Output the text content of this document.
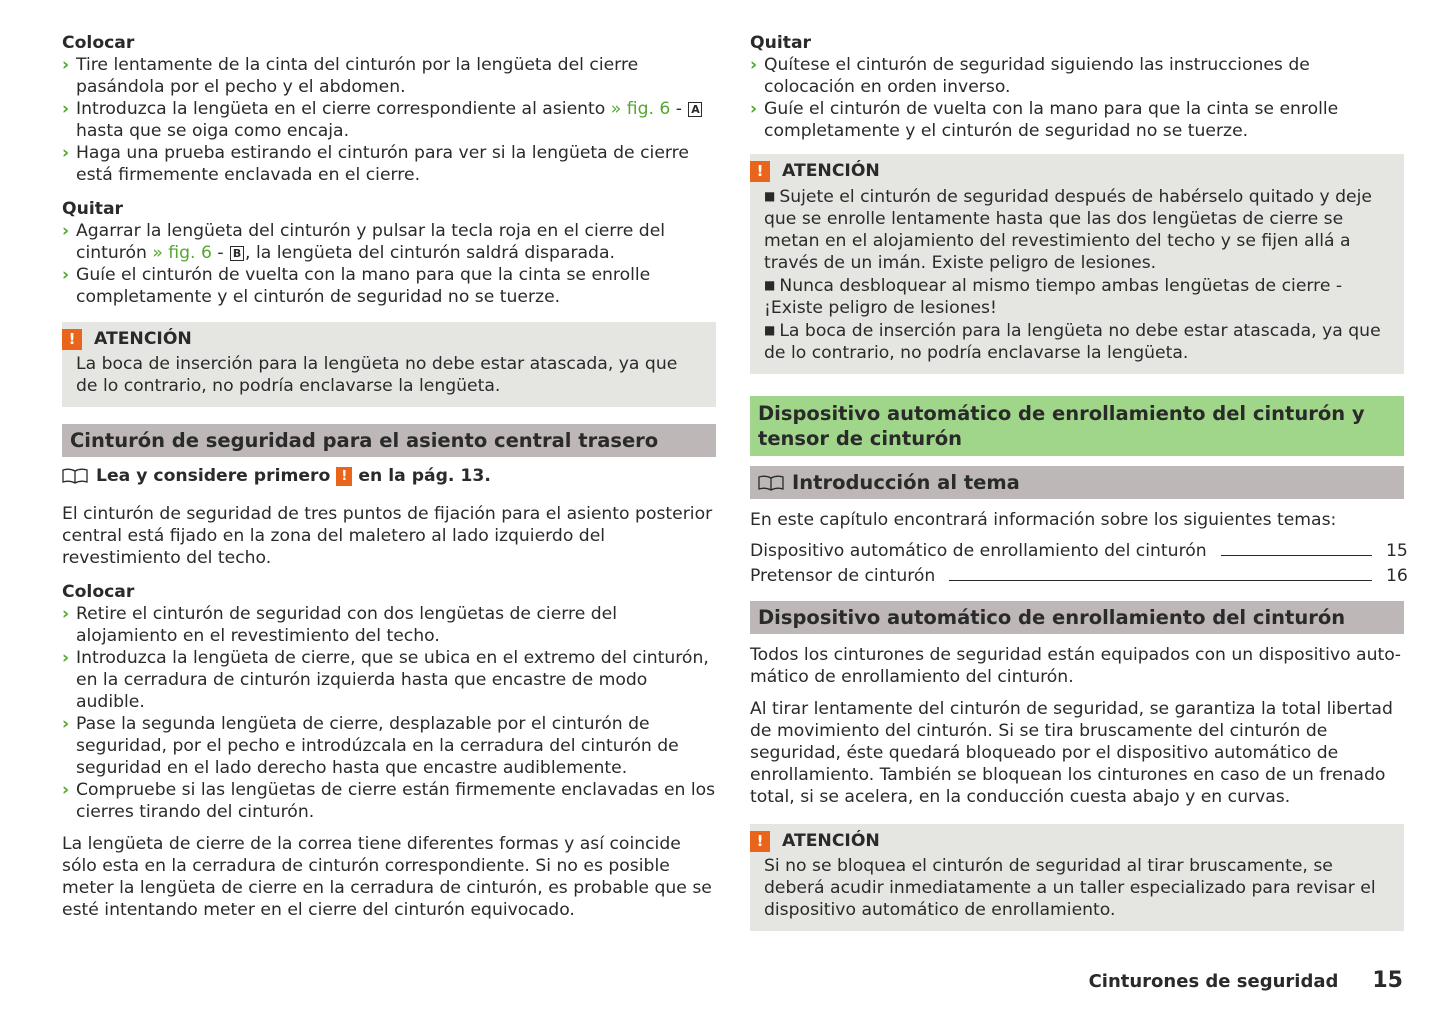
Colocar

› Tire lentamente de la cinta del cinturón por la lengüeta del cierre pasándola por el pecho y el abdomen.

› Introduzca la lengüeta en el cierre correspondiente al asiento » fig. 6 - A
hasta que se oiga como encaja.

› Haga una prueba estirando el cinturón para ver si la lengüeta de cierre está firmemente enclavada en el cierre.

Quitar

› Agarrar la lengüeta del cinturón y pulsar la tecla roja en el cierre del cinturón » fig. 6 - B , la lengüeta del cinturón saldrá disparada.

› Guíe el cinturón de vuelta con la mano para que la cinta se enrolle completamente y el cinturón de seguridad no se tuerze.

!	ATENCIÓN

La boca de inserción para la lengüeta no debe estar atascada, ya que de lo contrario, no podría enclavarse la lengüeta.

Cinturón de seguridad para el asiento central trasero
Lea y considere primero ! en la pág. 13.

El cinturón de seguridad de tres puntos de fijación para el asiento posterior central está fijado en la zona del maletero al lado izquierdo del revestimiento del techo.

Colocar

› Retire el cinturón de seguridad con dos lengüetas de cierre del alojamiento en el revestimiento del techo.

› Introduzca la lengüeta de cierre, que se ubica en el extremo del cinturón, en la cerradura de cinturón izquierda hasta que encastre de modo audible.

› Pase la segunda lengüeta de cierre, desplazable por el cinturón de seguridad, por el pecho e introdúzcala en la cerradura del cinturón de seguridad en el lado derecho hasta que encastre audiblemente.

› Compruebe si las lengüetas de cierre están firmemente enclavadas en los cierres tirando del cinturón.

La lengüeta de cierre de la correa tiene diferentes formas y así coincide sólo esta en la cerradura de cinturón correspondiente. Si no es posible meter la lengüeta de cierre en la cerradura de cinturón, es probable que se esté intentando meter en el cierre del cinturón equivocado.

Quitar

› Quítese el cinturón de seguridad siguiendo las instrucciones de colocación en orden inverso.

› Guíe el cinturón de vuelta con la mano para que la cinta se enrolle completamente y el cinturón de seguridad no se tuerze.

!	ATENCIÓN

■ Sujete el cinturón de seguridad después de habérselo quitado y deje que se enrolle lentamente hasta que las dos lengüetas de cierre se metan en el alojamiento del revestimiento del techo y se fijen allá a través de un imán. Existe peligro de lesiones.

■ Nunca desbloquear al mismo tiempo ambas lengüetas de cierre - ¡Existe peligro de lesiones!

■ La boca de inserción para la lengüeta no debe estar atascada, ya que de lo contrario, no podría enclavarse la lengüeta.

Dispositivo automático de enrollamiento del cinturón y tensor de cinturón
Introducción al tema

En este capítulo encontrará información sobre los siguientes temas:

Dispositivo automático de enrollamiento del cinturón	15
Pretensor de cinturón	16
Dispositivo automático de enrollamiento del cinturón

Todos los cinturones de seguridad están equipados con un dispositivo automático de enrollamiento del cinturón.

Al tirar lentamente del cinturón de seguridad, se garantiza la total libertad de movimiento del cinturón. Si se tira bruscamente del cinturón de seguridad, éste quedará bloqueado por el dispositivo automático de enrollamiento. También se bloquean los cinturones en caso de un frenado total, si se acelera, en la conducción cuesta abajo y en curvas.

!	ATENCIÓN

Si no se bloquea el cinturón de seguridad al tirar bruscamente, se deberá acudir inmediatamente a un taller especializado para revisar el dispositivo automático de enrollamiento.

Cinturones de seguridad 15
